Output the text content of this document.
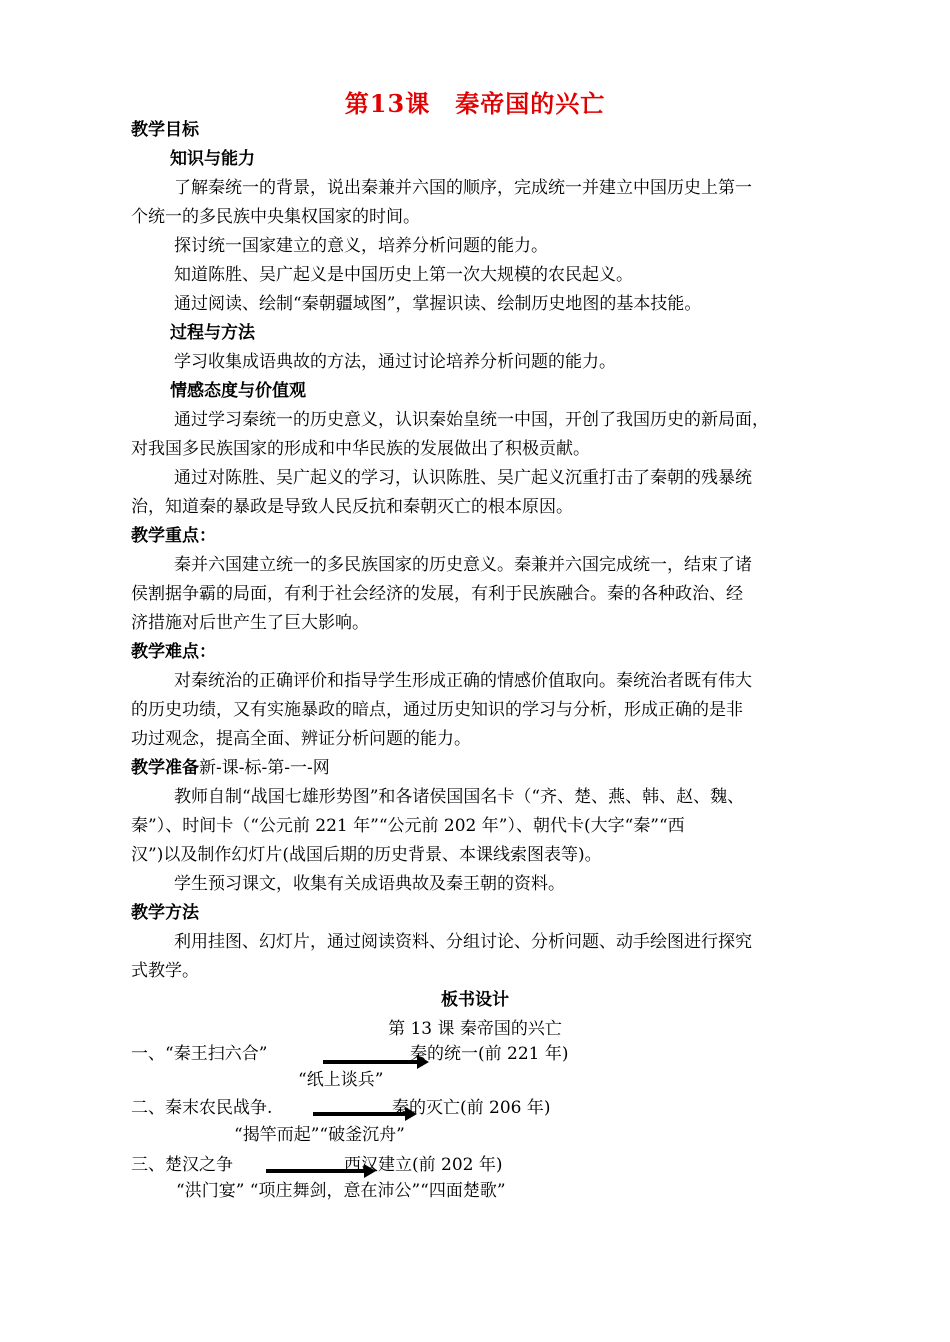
第13课　秦帝国的兴亡
教学目标
知识与能力
了解秦统一的背景，说出秦兼并六国的顺序，完成统一并建立中国历史上第一
个统一的多民族中央集权国家的时间。
探讨统一国家建立的意义，培养分析问题的能力。
知道陈胜、吴广起义是中国历史上第一次大规模的农民起义。
通过阅读、绘制“秦朝疆域图”，掌握识读、绘制历史地图的基本技能。
过程与方法
学习收集成语典故的方法，通过讨论培养分析问题的能力。
情感态度与价值观
通过学习秦统一的历史意义，认识秦始皇统一中国，开创了我国历史的新局面，
对我国多民族国家的形成和中华民族的发展做出了积极贡献。
通过对陈胜、吴广起义的学习，认识陈胜、吴广起义沉重打击了秦朝的残暴统
治，知道秦的暴政是导致人民反抗和秦朝灭亡的根本原因。
教学重点：
秦并六国建立统一的多民族国家的历史意义。秦兼并六国完成统一，结束了诸
侯割据争霸的局面，有利于社会经济的发展，有利于民族融合。秦的各种政治、经
济措施对后世产生了巨大影响。
教学难点：
对秦统治的正确评价和指导学生形成正确的情感价值取向。秦统治者既有伟大
的历史功绩，又有实施暴政的暗点，通过历史知识的学习与分析，形成正确的是非
功过观念，提高全面、辨证分析问题的能力。
教学准备新-课-标-第-一-网
教师自制“战国七雄形势图”和各诸侯国国名卡（“齐、楚、燕、韩、赵、魏、
秦”）、时间卡（“公元前 221 年”“公元前 202 年”）、朝代卡(大字“秦”“西
汉”)以及制作幻灯片(战国后期的历史背景、本课线索图表等)。
学生预习课文，收集有关成语典故及秦王朝的资料。
教学方法
利用挂图、幻灯片，通过阅读资料、分组讨论、分析问题、动手绘图进行探究
式教学。
板书设计
第 13 课 秦帝国的兴亡
一、“秦王扫六合”	秦的统一(前 221 年)
“纸上谈兵”
二、秦末农民战争.	秦的灭亡(前 206 年)
“揭竿而起”“破釜沉舟”
三、楚汉之争	西汉建立(前 202 年)
“洪门宴” “项庄舞剑，意在沛公”“四面楚歌”
